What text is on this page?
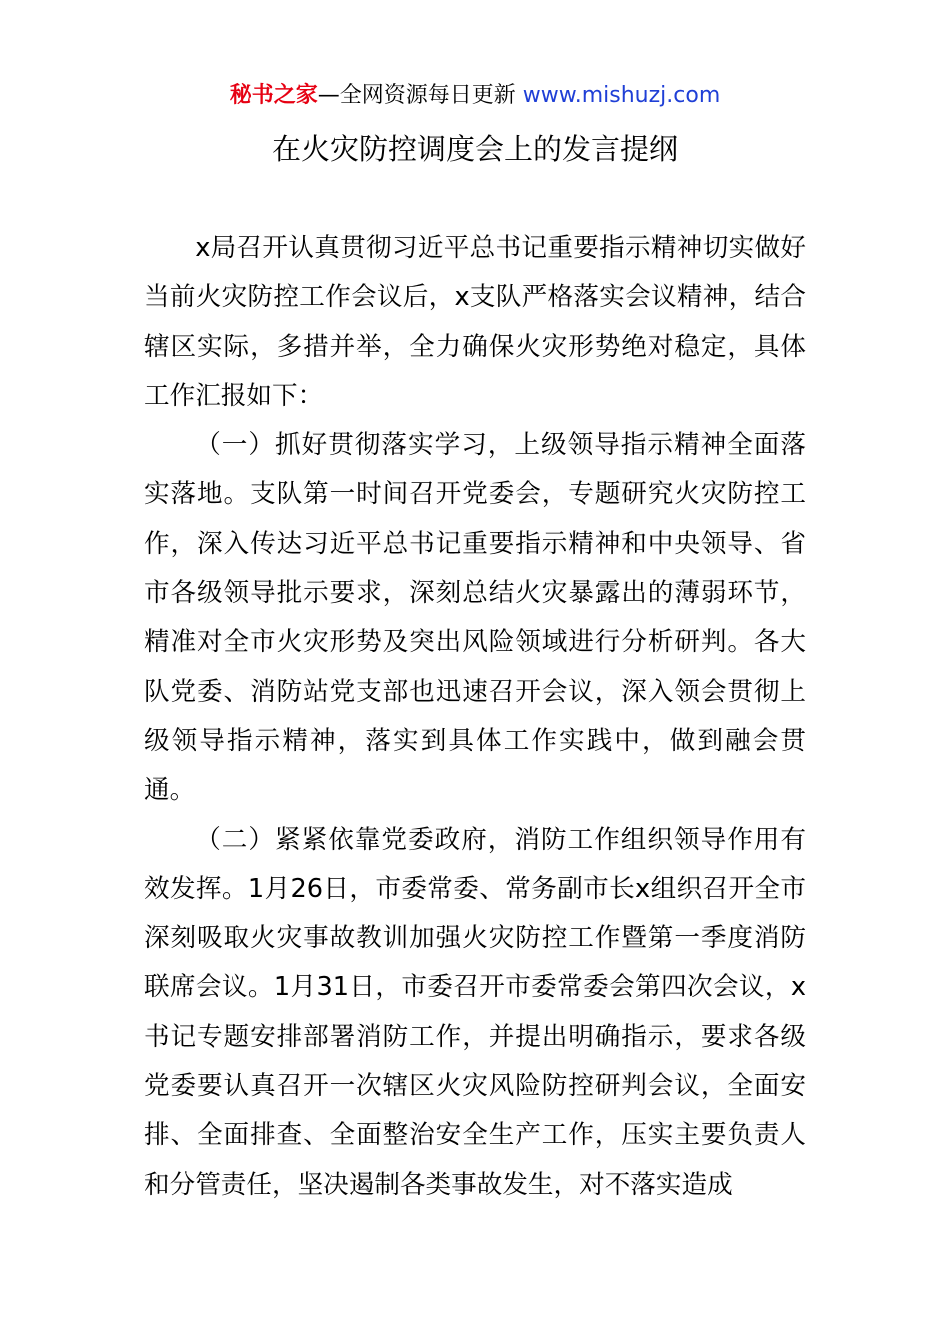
秘书之家—全网资源每日更新 www.mishuzj.com
在火灾防控调度会上的发言提纲

x局召开认真贯彻习近平总书记重要指示精神切实做好当前火灾防控工作会议后，x支队严格落实会议精神，结合辖区实际，多措并举，全力确保火灾形势绝对稳定，具体工作汇报如下：

（一）抓好贯彻落实学习，上级领导指示精神全面落实落地。支队第一时间召开党委会，专题研究火灾防控工作，深入传达习近平总书记重要指示精神和中央领导、省市各级领导批示要求，深刻总结火灾暴露出的薄弱环节，精准对全市火灾形势及突出风险领域进行分析研判。各大队党委、消防站党支部也迅速召开会议，深入领会贯彻上级领导指示精神，落实到具体工作实践中，做到融会贯通。

（二）紧紧依靠党委政府，消防工作组织领导作用有效发挥。1月26日，市委常委、常务副市长x组织召开全市深刻吸取火灾事故教训加强火灾防控工作暨第一季度消防联席会议。1月31日，市委召开市委常委会第四次会议，x书记专题安排部署消防工作，并提出明确指示，要求各级党委要认真召开一次辖区火灾风险防控研判会议，全面安排、全面排查、全面整治安全生产工作，压实主要负责人和分管责任，坚决遏制各类事故发生，对不落实造成
